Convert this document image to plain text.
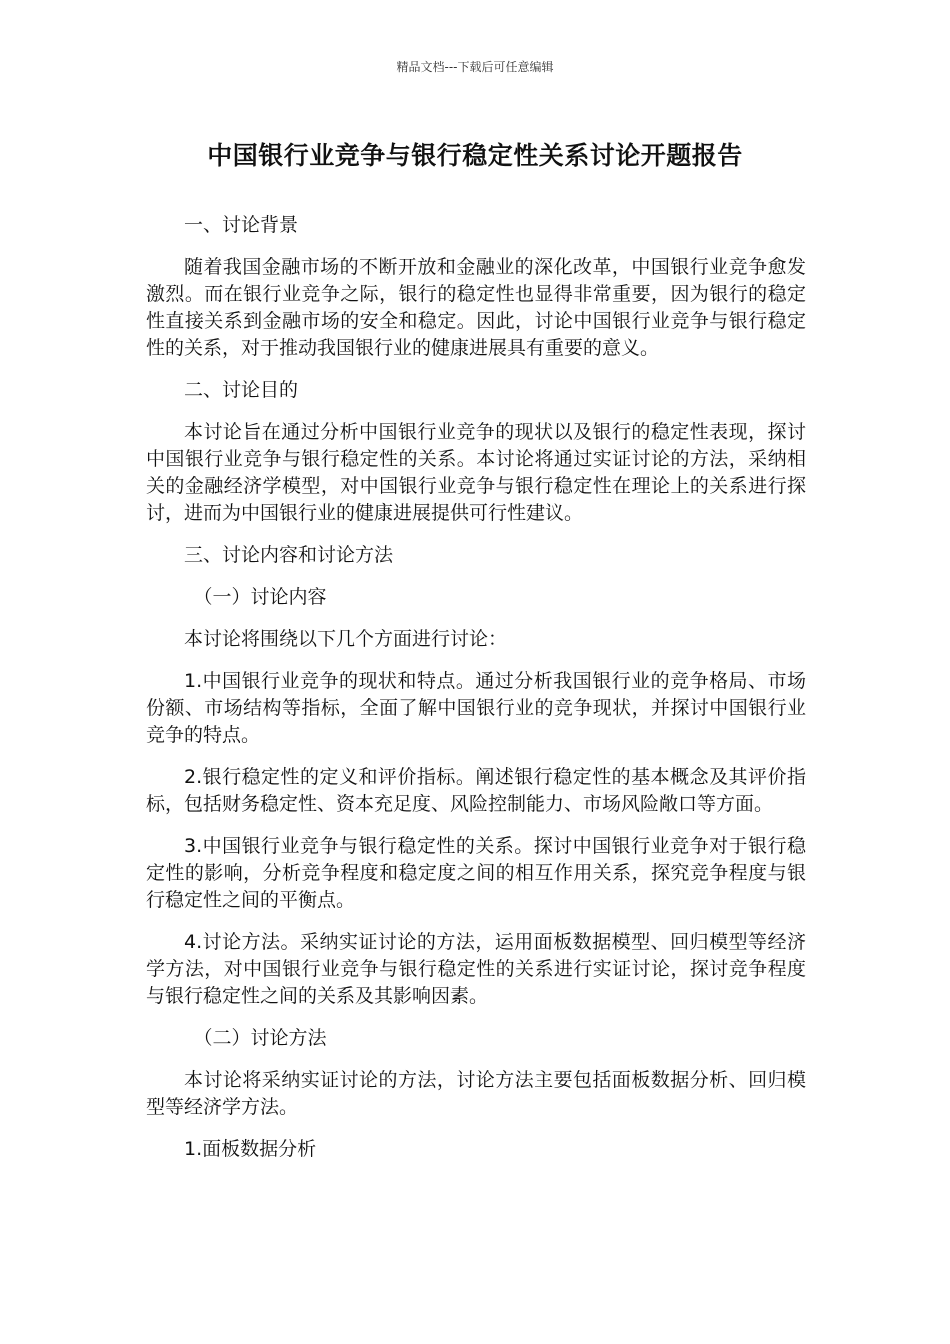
精品文档---下载后可任意编辑
中国银行业竞争与银行稳定性关系讨论开题报告

一、讨论背景

随着我国金融市场的不断开放和金融业的深化改革，中国银行业竞争愈发激烈。而在银行业竞争之际，银行的稳定性也显得非常重要，因为银行的稳定性直接关系到金融市场的安全和稳定。因此，讨论中国银行业竞争与银行稳定性的关系，对于推动我国银行业的健康进展具有重要的意义。

二、讨论目的

本讨论旨在通过分析中国银行业竞争的现状以及银行的稳定性表现，探讨中国银行业竞争与银行稳定性的关系。本讨论将通过实证讨论的方法，采纳相关的金融经济学模型，对中国银行业竞争与银行稳定性在理论上的关系进行探讨，进而为中国银行业的健康进展提供可行性建议。

三、讨论内容和讨论方法

（一）讨论内容

本讨论将围绕以下几个方面进行讨论：

1.中国银行业竞争的现状和特点。通过分析我国银行业的竞争格局、市场份额、市场结构等指标，全面了解中国银行业的竞争现状，并探讨中国银行业竞争的特点。

2.银行稳定性的定义和评价指标。阐述银行稳定性的基本概念及其评价指标，包括财务稳定性、资本充足度、风险控制能力、市场风险敞口等方面。

3.中国银行业竞争与银行稳定性的关系。探讨中国银行业竞争对于银行稳定性的影响，分析竞争程度和稳定度之间的相互作用关系，探究竞争程度与银行稳定性之间的平衡点。

4.讨论方法。采纳实证讨论的方法，运用面板数据模型、回归模型等经济学方法，对中国银行业竞争与银行稳定性的关系进行实证讨论，探讨竞争程度与银行稳定性之间的关系及其影响因素。

（二）讨论方法

本讨论将采纳实证讨论的方法，讨论方法主要包括面板数据分析、回归模型等经济学方法。

1.面板数据分析
